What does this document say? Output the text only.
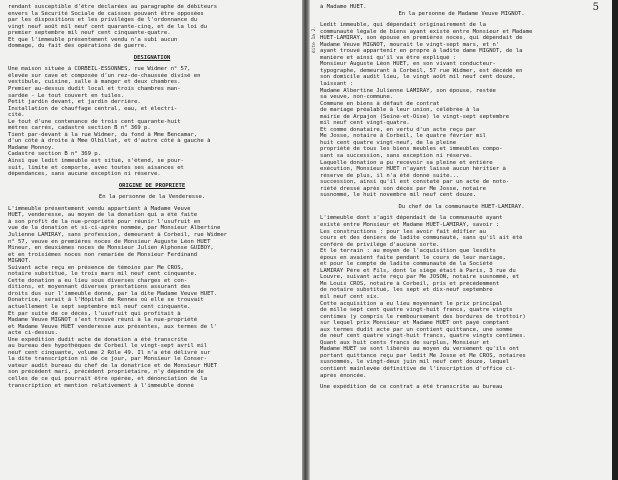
rendant susceptible d'être déclarées au paragraphe de débiteurs
envers la Sécurité Sociale de caisses pouvant être opposées
par les dispositions et les privilèges de l'ordonnance du
vingt neuf août mil neuf cent quarante-cinq, et de la loi du
premier septembre mil neuf cent cinquante-quatre.
Et que l'immeuble présentement vendu n'a subi aucun
dommage, du fait des opérations de guerre.
DÉSIGNATION
Une maison située à CORBEIL-ESSONNES, rue Widmer n° 57,
élevée sur cave et composée d'un rez-de-chaussée divisé en
vestibule, cuisine, salle à manger et deux chambres.
Premier au-dessus dudit local et trois chambres man-
sardée - Le tout couvert en tuiles.
Petit jardin devant, et jardin derrière.
Installation de chauffage central, eau, et électri-
cité.
Le tout d'une contenance de trois cent quarante-huit
mètres carrés, cadastré section B n° 369 p.
Tient par-devant à la rue Widmer, du fond à Mme Bencamar,
d'un côté à droite à Mme Olbillat, et d'autre côté à gauche à
Madame Monnoy.
Cadastré section B n° 369 p.
Ainsi que ledit immeuble est situé, s'étend, se pour-
suit, limite et comporte, avec toutes ses aisances et
dépendances, sans aucune exception ni réserve.
ORIGINE DE PROPRIÉTÉ
En la personne de la Venderesse.
L'immeuble présentement vendu appartient à Madame Veuve
HUET, venderesse, au moyen de la donation qui a été faite
à son profit de la nue-propriété pour réunir l'usufruit en
vue de la donation et si-ci-après nommée, par Monsieur Albertine
Julienne LAMIRAY, sans profession, demeurant à Corbeil, rue Widmer
n° 57, veuve en premières noces de Monsieur Auguste Léon HUET
Mineur, en deuxièmes noces de Monsieur Julien Alphonse GUIBOY,
et en troisièmes noces non remariée de Monsieur Ferdinand
MIGNOT.
Suivant acte reçu en présence de témoins par Me CROS,
notaire substitué, le trois mars mil neuf cent cinquante.
Cette donation a eu lieu sous diverses charges et con-
ditions, et moyennant diverses prestations assurant des
droits dus sur l'immeuble donné, par la dite Madame Veuve HUET.
Donatrice, serait à l'Hôpital de Rennes où elle se trouvait
actuellement le sept septembre mil neuf cent cinquante.
Et par suite de ce décès, l'usufruit qui profitait à
Madame Veuve MIGNOT s'est trouvé réuni à la nue-propriété
et Madame Veuve HUET venderesse aux présentes, aux termes de l'
acte ci-dessus.
Une expédition dudit acte de donation a été transcrite
au bureau des hypothèques de Corbeil le vingt-sept avril mil
neuf cent cinquante, volume 2 Rôle 49. Il n'a été délivré sur
la dite transcription ni de ce jour, par Monsieur le Conser-
vateur audit bureau du chef de la donatrice et de Monsieur HUET
son précédent mari, précédent propriétaire, n'y dépendre de
celles de ce qui pourrait être opérée, et dénonciation de la
transcription et mention relativement à l'immeuble donné
5
dite 1a 2.
à Madame HUET.
En la personne de Madame Veuve MIGNOT.
Ledit immeuble, qui dépendait originairement de la
communauté légale de biens ayant existé entre Monsieur et Madame
HUET-LAMIRAY, son épouse en premières noces, qui dépendait de
Madame Veuve MIGNOT, mourait le vingt-sept mars, et n'
ayant trouvé appartenir en propre à ladite dame MIGNOT, de la
manière et ainsi qu'il va être expliqué :
Monsieur Auguste Léon HUET, en son vivant conducteur-
typographe, demeurant à Corbeil, 57 rue Widmer, est décédé en
son domicile audit lieu, le vingt août mil neuf cent douze,
laissant :
Madame Albertine Julienne LAMIRAY, son épouse, restée
sa veuve, non-commune.
Commune en biens à défaut de contrat
de mariage préalable à leur union, célébrée à la
mairie de Arpajon (Seine-et-Oise) le vingt-sept septembre
mil neuf cent vingt-quatre.
Et comme donataire, en vertu d'un acte reçu par
Me Josse, notaire à Corbeil, le quatre février mil
huit cent quatre vingt-neuf, de la pleine
propriété de tous les biens meubles et immeubles compo-
sant sa succession, sans exception ni réserve.
Laquelle donation a pu recevoir sa pleine et entière
exécution, Monsieur HUET n'ayant laissé aucun héritier à
réserve de plus, il n'a été donné suite...
succession, ainsi qu'il est constaté par un acte de noto-
riété dressé après son décès par Me Josse, notaire
susnommé, le huit novembre mil neuf cent douze.
Du chef de la communauté HUET-LAMIRAY.
L'immeuble dont s'agit dépendait de la communauté ayant
existé entre Monsieur et Madame HUET-LAMIRAY, savoir :
Les constructions : pour les avoir fait édifier au
cours et des deniers de ladite communauté, sans qu'il ait été
conféré de privilège d'aucune sorte.
Et le terrain : au moyen de l'acquisition que lesdits
époux en avaient faite pendant le cours de leur mariage,
et pour le compte de ladite communauté de la Société
LAMIRAY Père et Fils, dont le siège était à Paris, 3 rue du
Louvre, suivant acte reçu par Me JOSON, notaire susnommé, et
Me Louis CROS, notaire à Corbeil, pris et précédemment
de notaire substitué, les sept et dix-neuf septembre
mil neuf cent six.
Cette acquisition a eu lieu moyennant le prix principal
de mille sept cent quatre vingt-huit francs, quatre vingts
centimes (y compris le remboursement des bordures de trottoir)
sur lequel prix Monsieur et Madame HUET ont payé comptant
aux termes dudit acte par un contient quittance, une somme
de neuf cent quatre vingt-huit francs, quatre vingts centimes.
Quant aux huit cents francs de surplus, Monsieur et
Madame HUET se sont libérés au moyen du versement qu'ils ont
portant quittance reçu par ledit Me Josse et Me CROS, notaires
susnommés, le vingt-deux juin mil neuf cent douze, lequel
contient mainlevée définitive de l'inscription d'office ci-
après énoncée.
Une expédition de ce contrat a été transcrite au bureau
